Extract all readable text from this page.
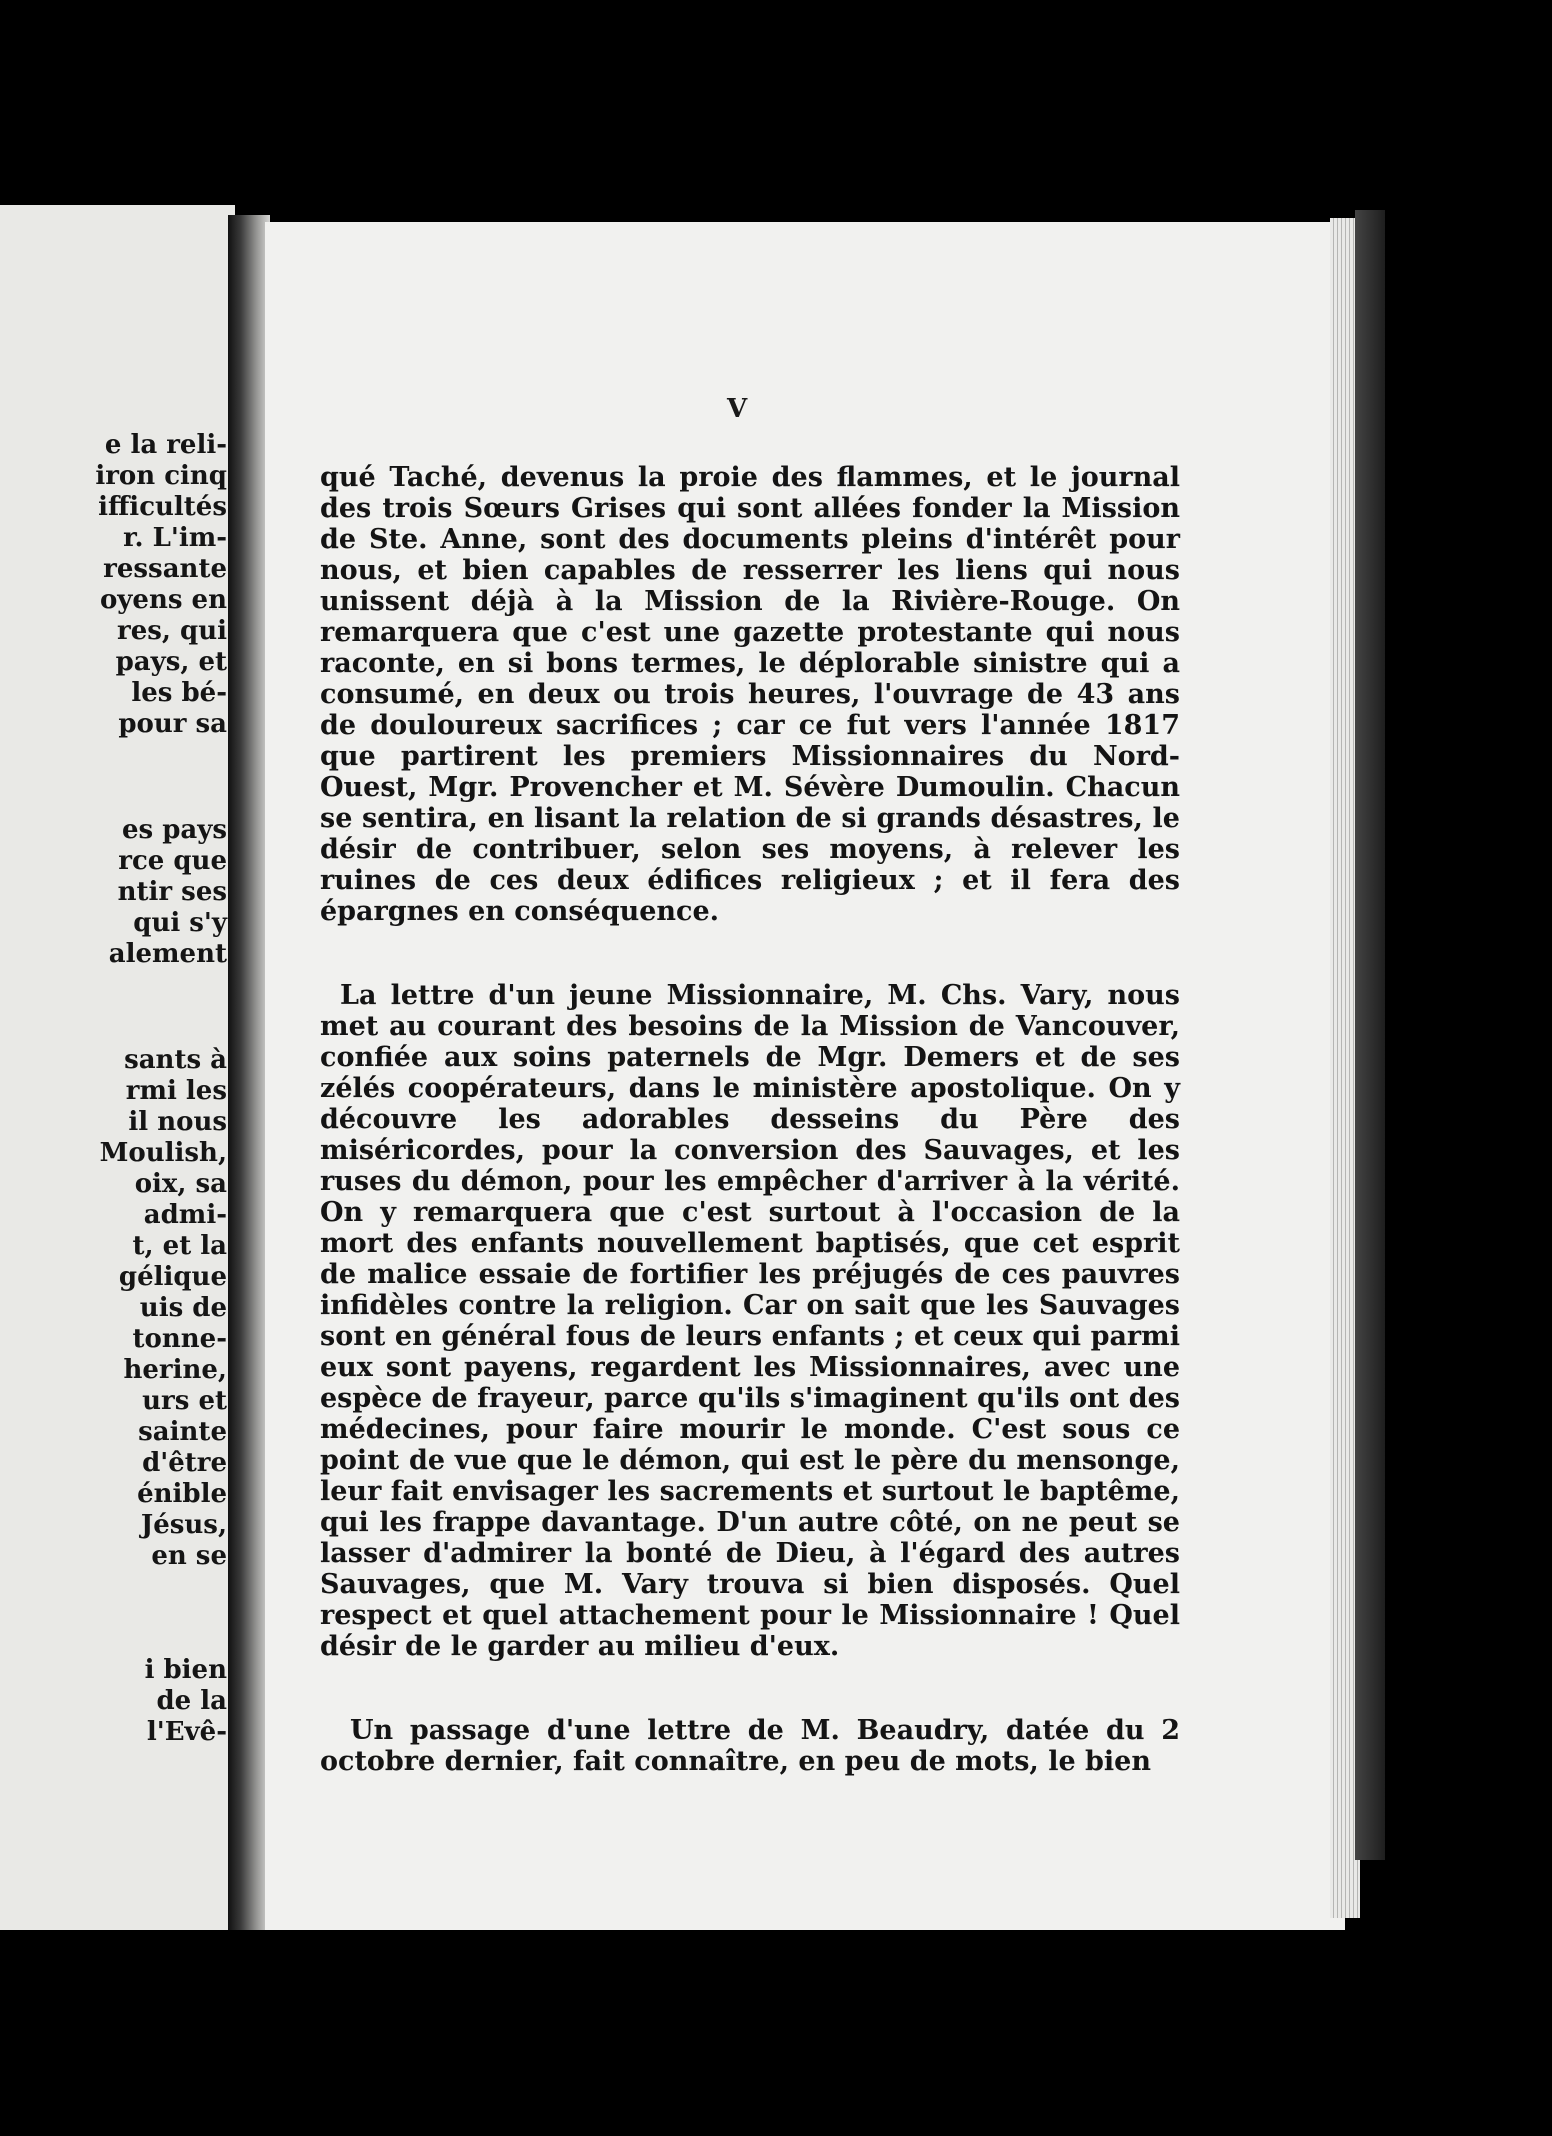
e la reli-
iron cinq
ifficultés
r. L'im-
ressante
oyens en
res, qui
pays, et
les bé-
pour sa
es pays
rce que
ntir ses
qui s'y
alement
sants à
rmi les
il nous
Moulish,
oix, sa
admi-
t, et la
gélique
uis de
tonne-
herine,
urs et
sainte
d'être
énible
Jésus,
en se
i bien
de la
l'Evê-
V
qué Taché, devenus la proie des flammes, et le journal des trois Sœurs Grises qui sont allées fonder la Mission de Ste. Anne, sont des documents pleins d'intérêt pour nous, et bien capables de resserrer les liens qui nous unissent déjà à la Mission de la Rivière-Rouge. On remarquera que c'est une gazette protestante qui nous raconte, en si bons termes, le déplorable sinistre qui a consumé, en deux ou trois heures, l'ouvrage de 43 ans de douloureux sacrifices ; car ce fut vers l'année 1817 que partirent les premiers Missionnaires du Nord-Ouest, Mgr. Provencher et M. Sévère Dumoulin. Chacun se sentira, en lisant la relation de si grands désastres, le désir de contribuer, selon ses moyens, à relever les ruines de ces deux édifices religieux ; et il fera des épargnes en conséquence.
La lettre d'un jeune Missionnaire, M. Chs. Vary, nous met au courant des besoins de la Mission de Vancouver, confiée aux soins paternels de Mgr. Demers et de ses zélés coopérateurs, dans le ministère apostolique. On y découvre les adorables desseins du Père des miséricordes, pour la conversion des Sauvages, et les ruses du démon, pour les empêcher d'arriver à la vérité. On y remarquera que c'est surtout à l'occasion de la mort des enfants nouvellement baptisés, que cet esprit de malice essaie de fortifier les préjugés de ces pauvres infidèles contre la religion. Car on sait que les Sauvages sont en général fous de leurs enfants ; et ceux qui parmi eux sont payens, regardent les Missionnaires, avec une espèce de frayeur, parce qu'ils s'imaginent qu'ils ont des médecines, pour faire mourir le monde. C'est sous ce point de vue que le démon, qui est le père du mensonge, leur fait envisager les sacrements et surtout le baptême, qui les frappe davantage. D'un autre côté, on ne peut se lasser d'admirer la bonté de Dieu, à l'égard des autres Sauvages, que M. Vary trouva si bien disposés. Quel respect et quel attachement pour le Missionnaire ! Quel désir de le garder au milieu d'eux.
Un passage d'une lettre de M. Beaudry, datée du 2 octobre dernier, fait connaître, en peu de mots, le bien
